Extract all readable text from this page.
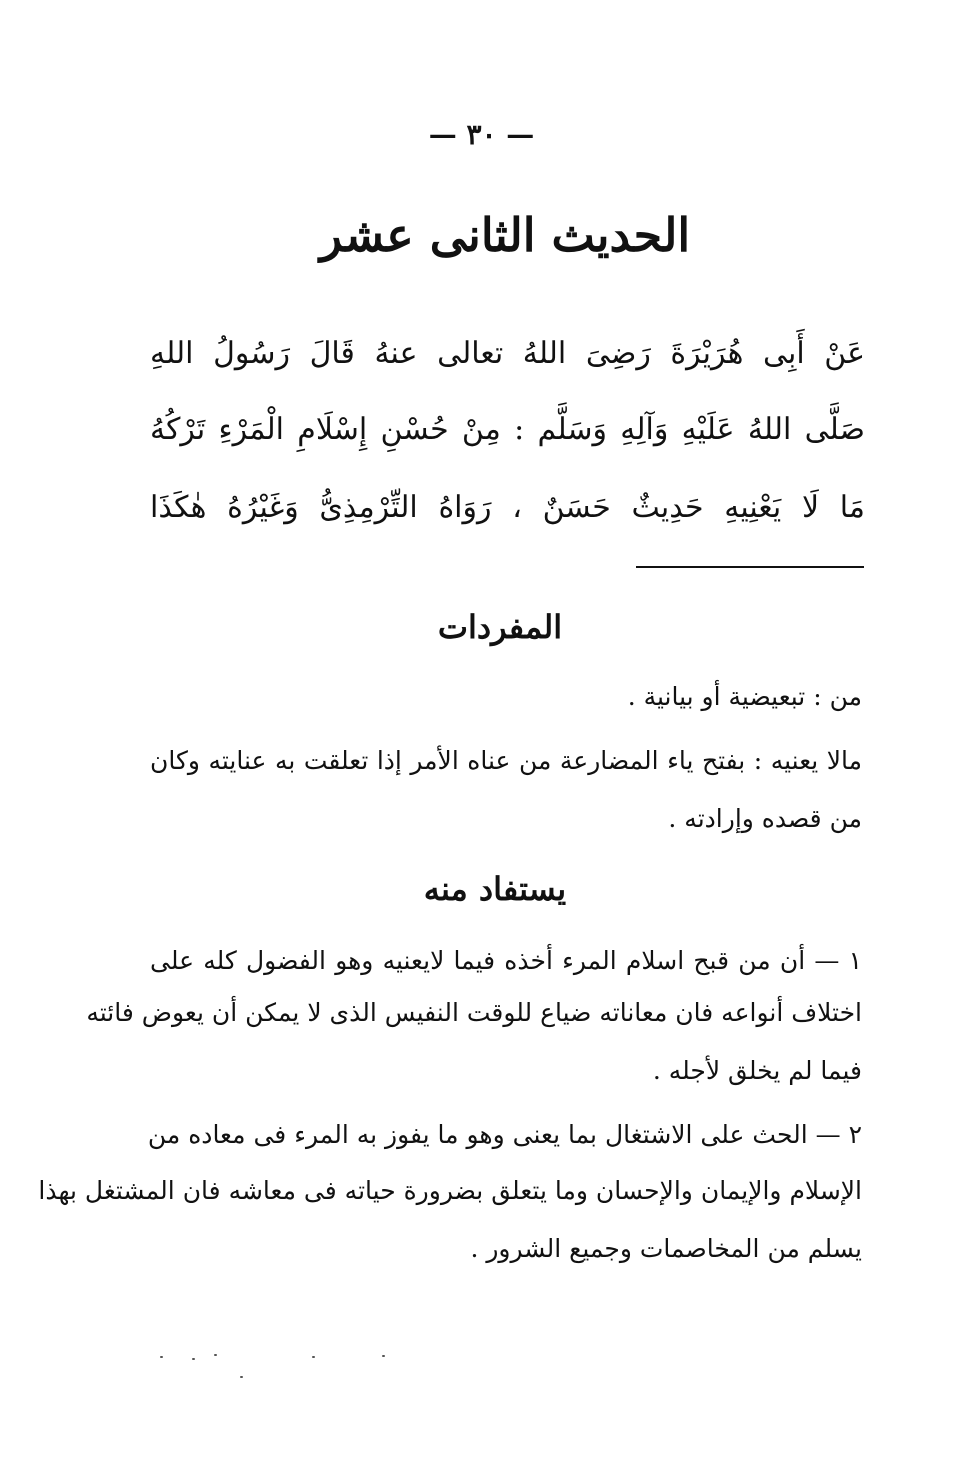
— ٣٠ —
الحديث الثانى عشر
عَنْ أَبِى هُرَيْرَةَ رَضِىَ اللهُ تعالى عنهُ قَالَ رَسُولُ اللهِ
صَلَّى اللهُ عَلَيْهِ وَآلِهِ وَسَلَّم : مِنْ حُسْنِ إِسْلَامِ الْمَرْءِ تَرْكُهُ
مَا لَا يَعْنِيهِ حَدِيثٌ حَسَنٌ ، رَوَاهُ التِّرْمِذِىُّ وَغَيْرُهُ هٰكَذَا
المفردات
من : تبعيضية أو بيانية .
مالا يعنيه : بفتح ياء المضارعة من عناه الأمر إذا تعلقت به عنايته وكان
من قصده وإرادته .
يستفاد منه
١ — أن من قبح اسلام المرء أخذه فيما لايعنيه وهو الفضول كله على
اختلاف أنواعه فان معاناته ضياع للوقت النفيس الذى لا يمكن أن يعوض فائته
فيما لم يخلق لأجله .
٢ — الحث على الاشتغال بما يعنى وهو ما يفوز به المرء فى معاده من
الإسلام والإيمان والإحسان وما يتعلق بضرورة حياته فى معاشه فان المشتغل بهذا
يسلم من المخاصمات وجميع الشرور .
